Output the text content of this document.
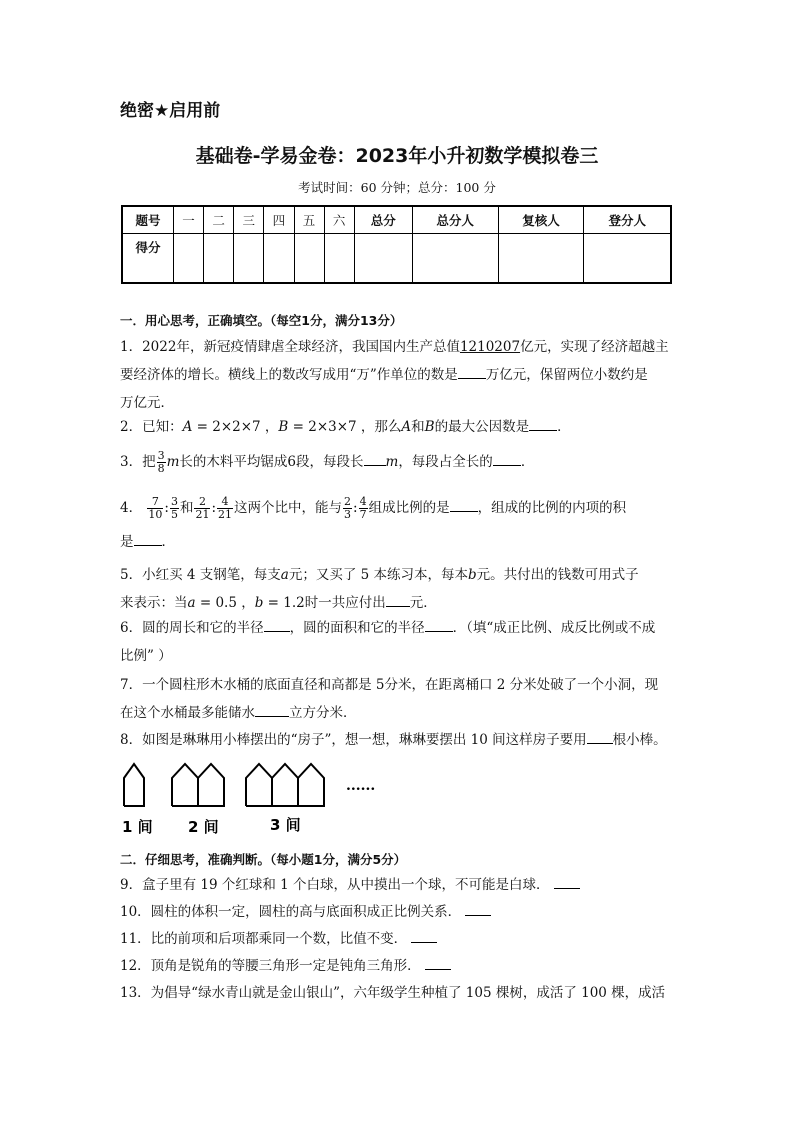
绝密★启用前
基础卷-学易金卷：2023年小升初数学模拟卷三
考试时间：60 分钟；总分：100 分
题号	一	二	三	四	五	六	总分	总分人	复核人	登分人
得分										
一．用心思考，正确填空。（每空1分，满分13分）
1．2022年，新冠疫情肆虐全球经济，我国国内生产总值1210207亿元，实现了经济超越主
要经济体的增长。横线上的数改写成用“万”作单位的数是 万亿元，保留两位小数约是
万亿元．
2．已知：A = 2×2×7 ，B = 2×3×7 ，那么A和B的最大公因数是 ．
3．把 $\frac{3}{8}$ m长的木料平均锯成6段，每段长 m，每段占全长的 ．
4． $\frac{7}{10}$ : $\frac{3}{5}$ 和 $\frac{2}{21}$ : $\frac{4}{21}$ 这两个比中，能与 $\frac{2}{3}$ : $\frac{4}{7}$ 组成比例的是 ，组成的比例的内项的积
是 ．
5．小红买 4 支钢笔，每支a元；又买了 5 本练习本，每本b元。共付出的钱数可用式子
来表示：当a = 0.5 ，b = 1.2时一共应付出 元．
6．圆的周长和它的半径 ，圆的面积和它的半径 ．（填“成正比例、成反比例或不成
比例” ）
7．一个圆柱形木水桶的底面直径和高都是 5分米，在距离桶口 2 分米处破了一个小洞，现
在这个水桶最多能储水	立方分米．
8．如图是琳琳用小棒摆出的“房子”，想一想，琳琳要摆出 10 间这样房子要用 根小棒。
......
1 间 2 间	3 间
二．仔细思考，准确判断。（每小题1分，满分5分）
9．盒子里有 19 个红球和 1 个白球，从中摸出一个球，不可能是白球．
10．圆柱的体积一定，圆柱的高与底面积成正比例关系．
11．比的前项和后项都乘同一个数，比值不变．
12．顶角是锐角的等腰三角形一定是钝角三角形．
13．为倡导“绿水青山就是金山银山”，六年级学生种植了 105 棵树，成活了 100 棵，成活
